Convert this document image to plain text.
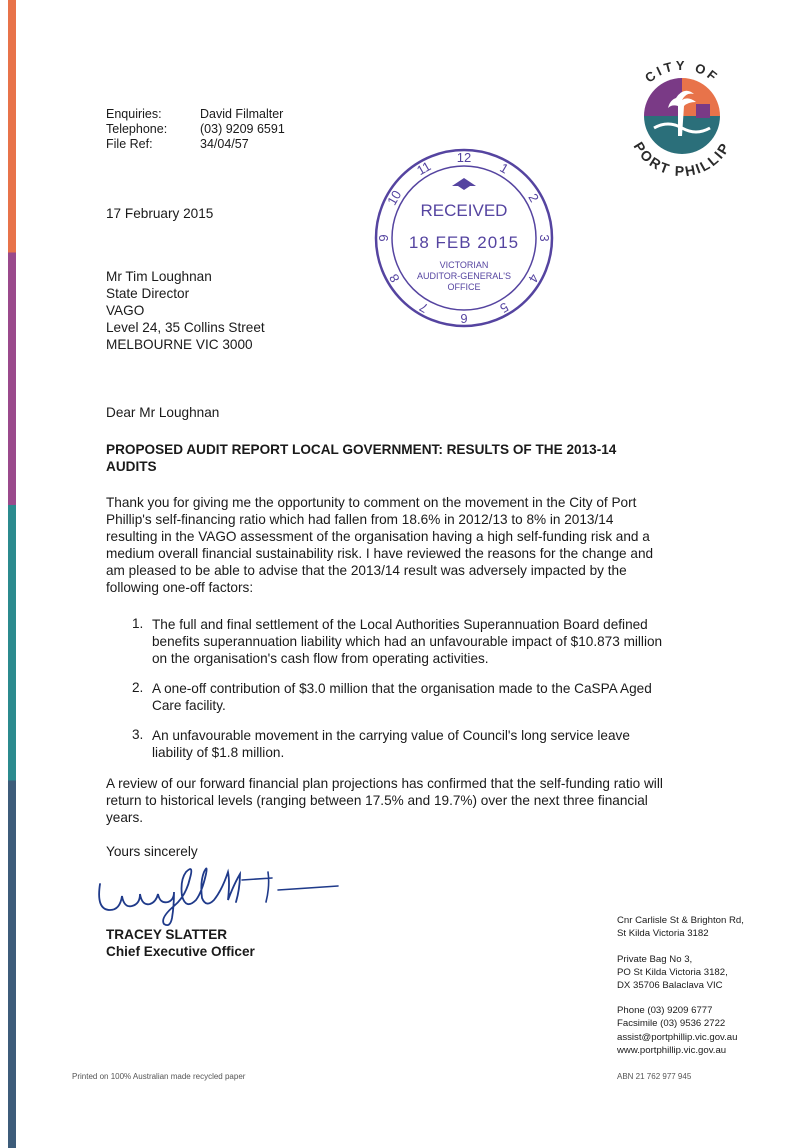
CITY OF
PORT PHILLIP
Enquiries:	David Filmalter
Telephone:	(03) 9209 6591
File Ref:	34/04/57
17 February 2015
12
1
2
3
4
5
6
7
8
9
10
11
RECEIVED
18 FEB 2015
VICTORIAN
AUDITOR-GENERAL'S
OFFICE
Mr Tim Loughnan
State Director
VAGO
Level 24, 35 Collins Street
MELBOURNE VIC 3000
Dear Mr Loughnan
PROPOSED AUDIT REPORT LOCAL GOVERNMENT: RESULTS OF THE 2013-14
AUDITS
Thank you for giving me the opportunity to comment on the movement in the City of Port
Phillip's self-financing ratio which had fallen from 18.6% in 2012/13 to 8% in 2013/14
resulting in the VAGO assessment of the organisation having a high self-funding risk and a
medium overall financial sustainability risk. I have reviewed the reasons for the change and
am pleased to be able to advise that the 2013/14 result was adversely impacted by the
following one-off factors:
1. The full and final settlement of the Local Authorities Superannuation Board defined
benefits superannuation liability which had an unfavourable impact of $10.873 million
on the organisation's cash flow from operating activities.
2. A one-off contribution of $3.0 million that the organisation made to the CaSPA Aged
Care facility.
3. An unfavourable movement in the carrying value of Council's long service leave
liability of $1.8 million.
A review of our forward financial plan projections has confirmed that the self-funding ratio will
return to historical levels (ranging between 17.5% and 19.7%) over the next three financial
years.
Yours sincerely
TRACEY SLATTER
Chief Executive Officer
Cnr Carlisle St & Brighton Rd,
St Kilda Victoria 3182
Private Bag No 3,
PO St Kilda Victoria 3182,
DX 35706 Balaclava VIC
Phone (03) 9209 6777
Facsimile (03) 9536 2722
assist@portphillip.vic.gov.au
www.portphillip.vic.gov.au
Printed on 100% Australian made recycled paper	ABN 21 762 977 945
